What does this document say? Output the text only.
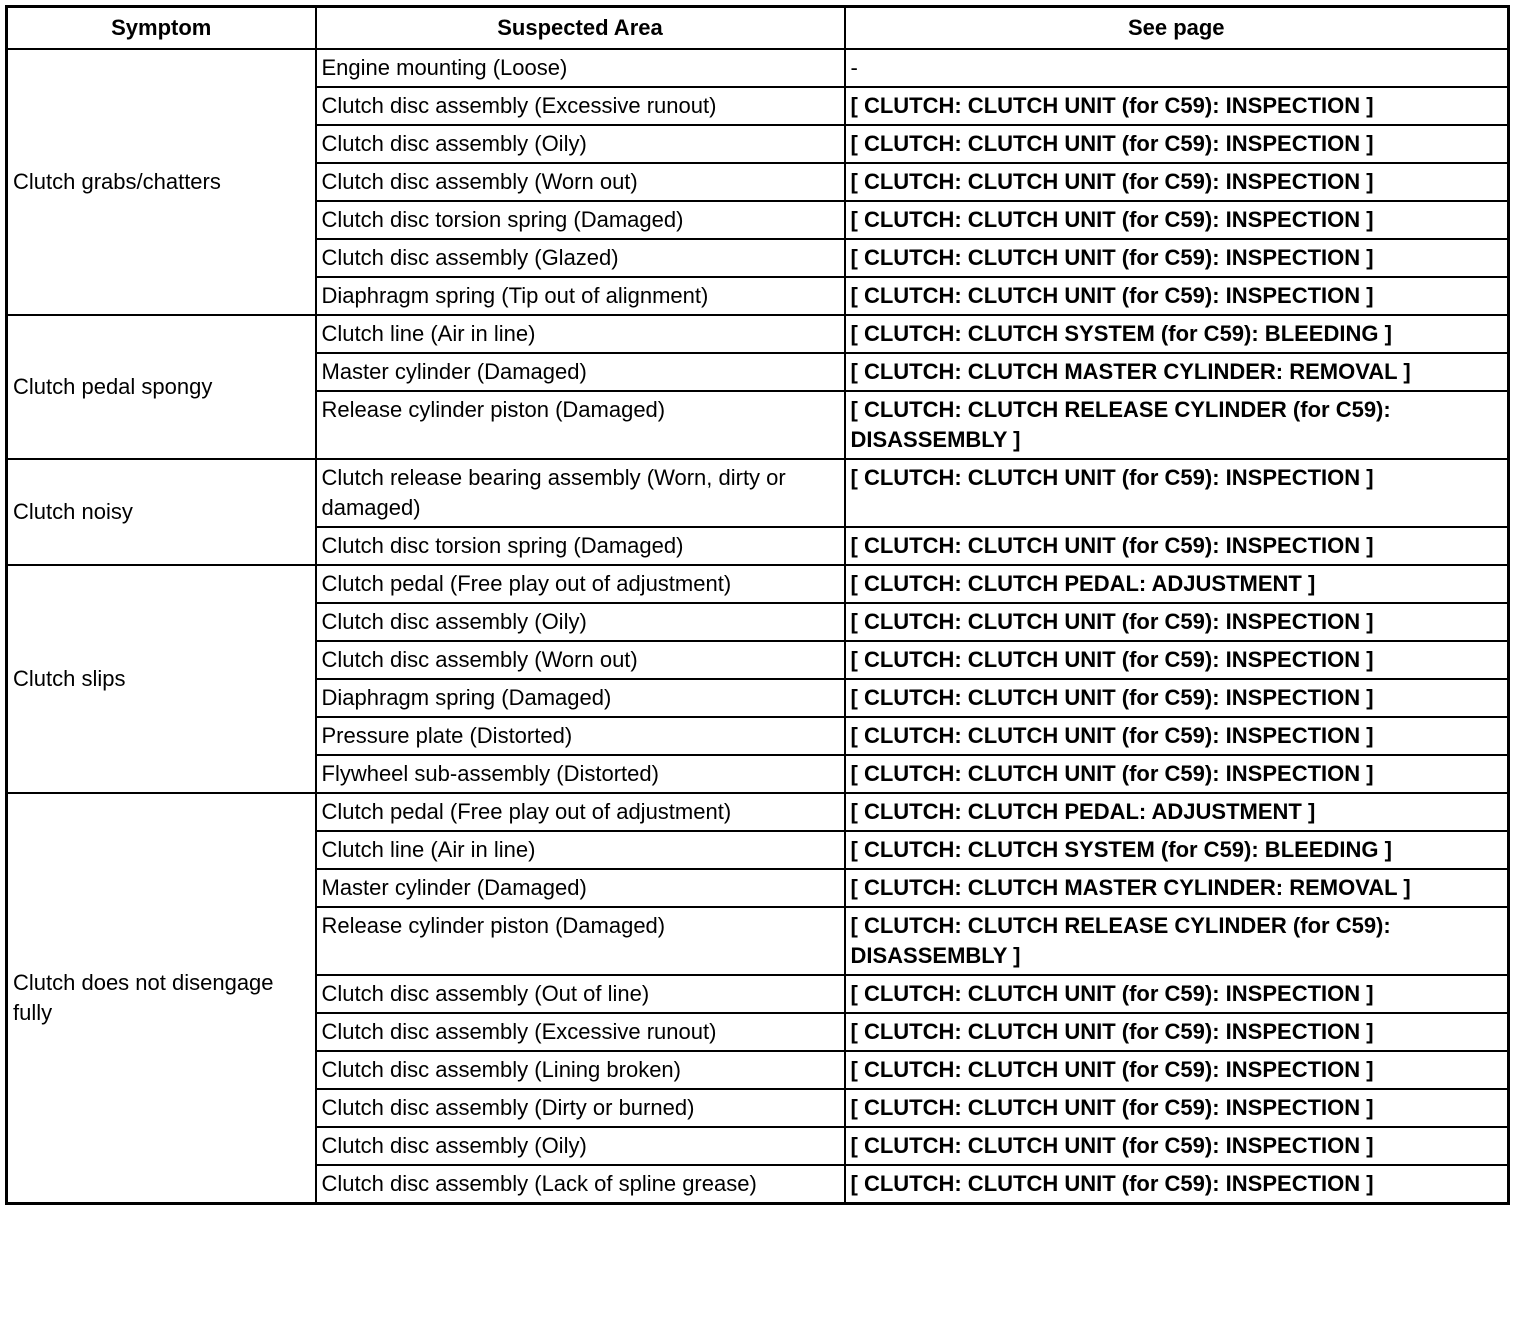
Symptom	Suspected Area	See page
Clutch grabs/chatters	Engine mounting (Loose)	-
	Clutch disc assembly (Excessive runout)	[ CLUTCH: CLUTCH UNIT (for C59): INSPECTION ]
	Clutch disc assembly (Oily)	[ CLUTCH: CLUTCH UNIT (for C59): INSPECTION ]
	Clutch disc assembly (Worn out)	[ CLUTCH: CLUTCH UNIT (for C59): INSPECTION ]
	Clutch disc torsion spring (Damaged)	[ CLUTCH: CLUTCH UNIT (for C59): INSPECTION ]
	Clutch disc assembly (Glazed)	[ CLUTCH: CLUTCH UNIT (for C59): INSPECTION ]
	Diaphragm spring (Tip out of alignment)	[ CLUTCH: CLUTCH UNIT (for C59): INSPECTION ]
Clutch pedal spongy	Clutch line (Air in line)	[ CLUTCH: CLUTCH SYSTEM (for C59): BLEEDING ]
	Master cylinder (Damaged)	[ CLUTCH: CLUTCH MASTER CYLINDER: REMOVAL ]
	Release cylinder piston (Damaged)	[ CLUTCH: CLUTCH RELEASE CYLINDER (for C59): DISASSEMBLY ]
Clutch noisy	Clutch release bearing assembly (Worn, dirty or damaged)	[ CLUTCH: CLUTCH UNIT (for C59): INSPECTION ]
	Clutch disc torsion spring (Damaged)	[ CLUTCH: CLUTCH UNIT (for C59): INSPECTION ]
Clutch slips	Clutch pedal (Free play out of adjustment)	[ CLUTCH: CLUTCH PEDAL: ADJUSTMENT ]
	Clutch disc assembly (Oily)	[ CLUTCH: CLUTCH UNIT (for C59): INSPECTION ]
	Clutch disc assembly (Worn out)	[ CLUTCH: CLUTCH UNIT (for C59): INSPECTION ]
	Diaphragm spring (Damaged)	[ CLUTCH: CLUTCH UNIT (for C59): INSPECTION ]
	Pressure plate (Distorted)	[ CLUTCH: CLUTCH UNIT (for C59): INSPECTION ]
	Flywheel sub-assembly (Distorted)	[ CLUTCH: CLUTCH UNIT (for C59): INSPECTION ]
Clutch does not disengage fully	Clutch pedal (Free play out of adjustment)	[ CLUTCH: CLUTCH PEDAL: ADJUSTMENT ]
	Clutch line (Air in line)	[ CLUTCH: CLUTCH SYSTEM (for C59): BLEEDING ]
	Master cylinder (Damaged)	[ CLUTCH: CLUTCH MASTER CYLINDER: REMOVAL ]
	Release cylinder piston (Damaged)	[ CLUTCH: CLUTCH RELEASE CYLINDER (for C59): DISASSEMBLY ]
	Clutch disc assembly (Out of line)	[ CLUTCH: CLUTCH UNIT (for C59): INSPECTION ]
	Clutch disc assembly (Excessive runout)	[ CLUTCH: CLUTCH UNIT (for C59): INSPECTION ]
	Clutch disc assembly (Lining broken)	[ CLUTCH: CLUTCH UNIT (for C59): INSPECTION ]
	Clutch disc assembly (Dirty or burned)	[ CLUTCH: CLUTCH UNIT (for C59): INSPECTION ]
	Clutch disc assembly (Oily)	[ CLUTCH: CLUTCH UNIT (for C59): INSPECTION ]
	Clutch disc assembly (Lack of spline grease)	[ CLUTCH: CLUTCH UNIT (for C59): INSPECTION ]
